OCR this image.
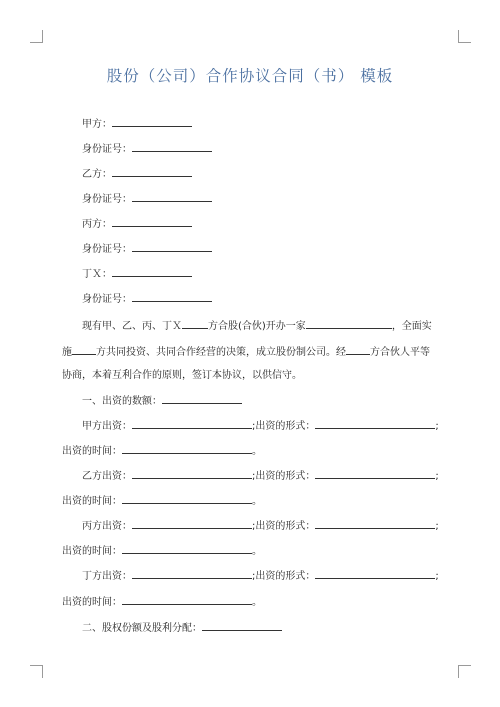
股份（公司）合作协议合同（书） 模板
甲方：
身份证号：
乙方：
身份证号：
丙方：
身份证号：
丁Ｘ：
身份证号：
现有甲、乙、丙、丁Ｘ	方合股(合伙)开办一家	，全面实
施 方共同投资、共同合作经营的决策，成立股份制公司。经 方合伙人平等
协商，本着互利合作的原则，签订本协议，以供信守。
一、出资的数额：
甲方出资：	;出资的形式：	;
出资的时间：	。
乙方出资：	;出资的形式：	;
出资的时间：	。
丙方出资：	;出资的形式：	;
出资的时间：	。
丁方出资：	;出资的形式：	;
出资的时间：	。
二、股权份额及股利分配：
